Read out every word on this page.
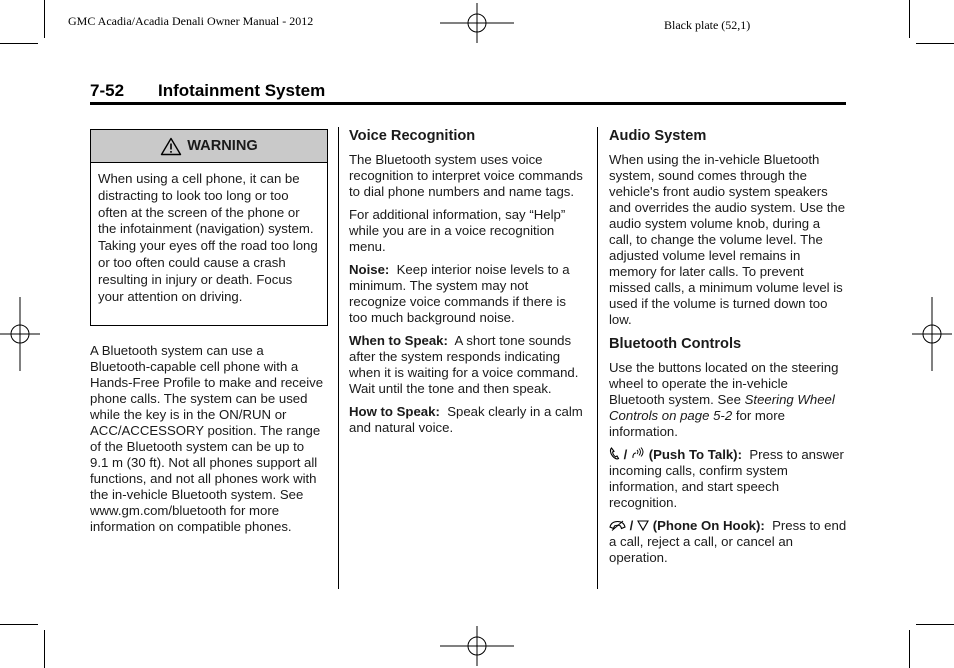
GMC Acadia/Acadia Denali Owner Manual - 2012	Black plate (52,1)
7-52 Infotainment System
WARNING
When using a cell phone, it can be distracting to look too long or too often at the screen of the phone or the infotainment (navigation) system. Taking your eyes off the road too long or too often could cause a crash resulting in injury or death. Focus your attention on driving.

A Bluetooth system can use a Bluetooth-capable cell phone with a Hands-Free Profile to make and receive phone calls. The system can be used while the key is in the ON/RUN or ACC/ACCESSORY position. The range of the Bluetooth system can be up to 9.1 m (30 ft). Not all phones support all functions, and not all phones work with the in-vehicle Bluetooth system. See www.gm.com/bluetooth for more information on compatible phones.

Voice Recognition

The Bluetooth system uses voice recognition to interpret voice commands to dial phone numbers and name tags.

For additional information, say “Help” while you are in a voice recognition menu.

Noise: Keep interior noise levels to a minimum. The system may not recognize voice commands if there is too much background noise.

When to Speak: A short tone sounds after the system responds indicating when it is waiting for a voice command. Wait until the tone and then speak.

How to Speak: Speak clearly in a calm and natural voice.

Audio System

When using the in-vehicle Bluetooth system, sound comes through the vehicle's front audio system speakers and overrides the audio system. Use the audio system volume knob, during a call, to change the volume level. The adjusted volume level remains in memory for later calls. To prevent missed calls, a minimum volume level is used if the volume is turned down too low.

Bluetooth Controls

Use the buttons located on the steering wheel to operate the in-vehicle Bluetooth system. See Steering Wheel Controls on page 5-2 for more information.

/ (Push To Talk): Press to answer incoming calls, confirm system information, and start speech recognition.

/ (Phone On Hook): Press to end a call, reject a call, or cancel an operation.
